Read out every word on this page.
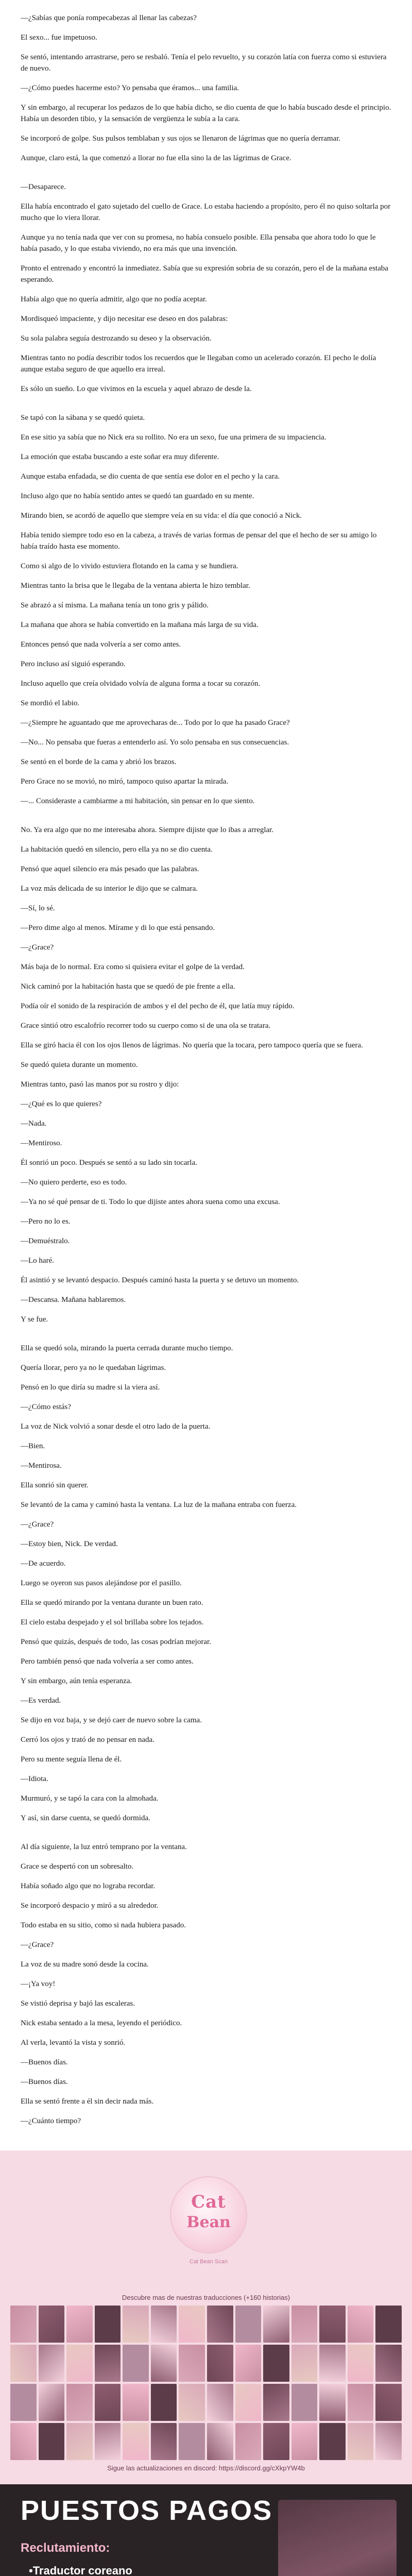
—¿Sabías que ponía rompecabezas al llenar las cabezas?

El sexo... fue impetuoso.

Se sentó, intentando arrastrarse, pero se resbaló. Tenía el pelo revuelto, y su corazón latía con fuerza como si estuviera de nuevo.

—¿Cómo puedes hacerme esto? Yo pensaba que éramos... una familia.

Y sin embargo, al recuperar los pedazos de lo que había dicho, se dio cuenta de que lo había buscado desde el principio. Había un desorden tibio, y la sensación de vergüenza le subía a la cara.

Se incorporó de golpe. Sus pulsos temblaban y sus ojos se llenaron de lágrimas que no quería derramar.

Aunque, claro está, la que comenzó a llorar no fue ella sino la de las lágrimas de Grace.

—Desaparece.

Ella había encontrado el gato sujetado del cuello de Grace. Lo estaba haciendo a propósito, pero él no quiso soltarla por mucho que lo viera llorar.

Aunque ya no tenía nada que ver con su promesa, no había consuelo posible. Ella pensaba que ahora todo lo que le había pasado, y lo que estaba viviendo, no era más que una invención.

Pronto el entrenado y encontró la inmediatez. Sabía que su expresión sobria de su corazón, pero el de la mañana estaba esperando.

Había algo que no quería admitir, algo que no podía aceptar.

Mordisqueó impaciente, y dijo necesitar ese deseo en dos palabras:

Su sola palabra seguía destrozando su deseo y la observación.

Mientras tanto no podía describir todos los recuerdos que le llegaban como un acelerado corazón. El pecho le dolía aunque estaba seguro de que aquello era irreal.

Es sólo un sueño. Lo que vivimos en la escuela y aquel abrazo de desde la.

Se tapó con la sábana y se quedó quieta.

En ese sitio ya sabía que no Nick era su rollito. No era un sexo, fue una primera de su impaciencia.

La emoción que estaba buscando a este soñar era muy diferente.

Aunque estaba enfadada, se dio cuenta de que sentía ese dolor en el pecho y la cara.

Incluso algo que no había sentido antes se quedó tan guardado en su mente.

Mirando bien, se acordó de aquello que siempre veía en su vida: el día que conoció a Nick.

Había tenido siempre todo eso en la cabeza, a través de varias formas de pensar del que el hecho de ser su amigo lo había traído hasta ese momento.

Como si algo de lo vivido estuviera flotando en la cama y se hundiera.

Mientras tanto la brisa que le llegaba de la ventana abierta le hizo temblar.

Se abrazó a sí misma. La mañana tenía un tono gris y pálido.

La mañana que ahora se había convertido en la mañana más larga de su vida.

Entonces pensó que nada volvería a ser como antes.

Pero incluso así siguió esperando.

Incluso aquello que creía olvidado volvía de alguna forma a tocar su corazón.

Se mordió el labio.

—¿Siempre he aguantado que me aprovecharas de... Todo por lo que ha pasado Grace?

—No... No pensaba que fueras a entenderlo así. Yo solo pensaba en sus consecuencias.

Se sentó en el borde de la cama y abrió los brazos.

Pero Grace no se movió, no miró, tampoco quiso apartar la mirada.

—... Consideraste a cambiarme a mi habitación, sin pensar en lo que siento.

No. Ya era algo que no me interesaba ahora. Siempre dijiste que lo ibas a arreglar.

La habitación quedó en silencio, pero ella ya no se dio cuenta.

Pensó que aquel silencio era más pesado que las palabras.

La voz más delicada de su interior le dijo que se calmara.

—Sí, lo sé.

—Pero dime algo al menos. Mírame y di lo que está pensando.

—¿Grace?

Más baja de lo normal. Era como si quisiera evitar el golpe de la verdad.

Nick caminó por la habitación hasta que se quedó de pie frente a ella.

Podía oír el sonido de la respiración de ambos y el del pecho de él, que latía muy rápido.

Grace sintió otro escalofrío recorrer todo su cuerpo como si de una ola se tratara.

Ella se giró hacia él con los ojos llenos de lágrimas. No quería que la tocara, pero tampoco quería que se fuera.

Se quedó quieta durante un momento.

Mientras tanto, pasó las manos por su rostro y dijo:

—¿Qué es lo que quieres?

—Nada.

—Mentiroso.

Él sonrió un poco. Después se sentó a su lado sin tocarla.

—No quiero perderte, eso es todo.

—Ya no sé qué pensar de ti. Todo lo que dijiste antes ahora suena como una excusa.

—Pero no lo es.

—Demuéstralo.

—Lo haré.

Él asintió y se levantó despacio. Después caminó hasta la puerta y se detuvo un momento.

—Descansa. Mañana hablaremos.

Y se fue.

Ella se quedó sola, mirando la puerta cerrada durante mucho tiempo.

Quería llorar, pero ya no le quedaban lágrimas.

Pensó en lo que diría su madre si la viera así.

—¿Cómo estás?

La voz de Nick volvió a sonar desde el otro lado de la puerta.

—Bien.

—Mentirosa.

Ella sonrió sin querer.

Se levantó de la cama y caminó hasta la ventana. La luz de la mañana entraba con fuerza.

—¿Grace?

—Estoy bien, Nick. De verdad.

—De acuerdo.

Luego se oyeron sus pasos alejándose por el pasillo.

Ella se quedó mirando por la ventana durante un buen rato.

El cielo estaba despejado y el sol brillaba sobre los tejados.

Pensó que quizás, después de todo, las cosas podrían mejorar.

Pero también pensó que nada volvería a ser como antes.

Y sin embargo, aún tenía esperanza.

—Es verdad.

Se dijo en voz baja, y se dejó caer de nuevo sobre la cama.

Cerró los ojos y trató de no pensar en nada.

Pero su mente seguía llena de él.

—Idiota.

Murmuró, y se tapó la cara con la almohada.

Y así, sin darse cuenta, se quedó dormida.

Al día siguiente, la luz entró temprano por la ventana.

Grace se despertó con un sobresalto.

Había soñado algo que no lograba recordar.

Se incorporó despacio y miró a su alrededor.

Todo estaba en su sitio, como si nada hubiera pasado.

—¿Grace?

La voz de su madre sonó desde la cocina.

—¡Ya voy!

Se vistió deprisa y bajó las escaleras.

Nick estaba sentado a la mesa, leyendo el periódico.

Al verla, levantó la vista y sonrió.

—Buenos días.

—Buenos días.

Ella se sentó frente a él sin decir nada más.

—¿Cuánto tiempo?

Cat
Bean
Cat Bean Scan
Descubre mas de nuestras traducciones (+160 historias)
Sigue las actualizaciones en discord: https://discord.gg/cXkpYW4b
PUESTOS PAGOS
Reclutamiento:
•Traductor coreano
